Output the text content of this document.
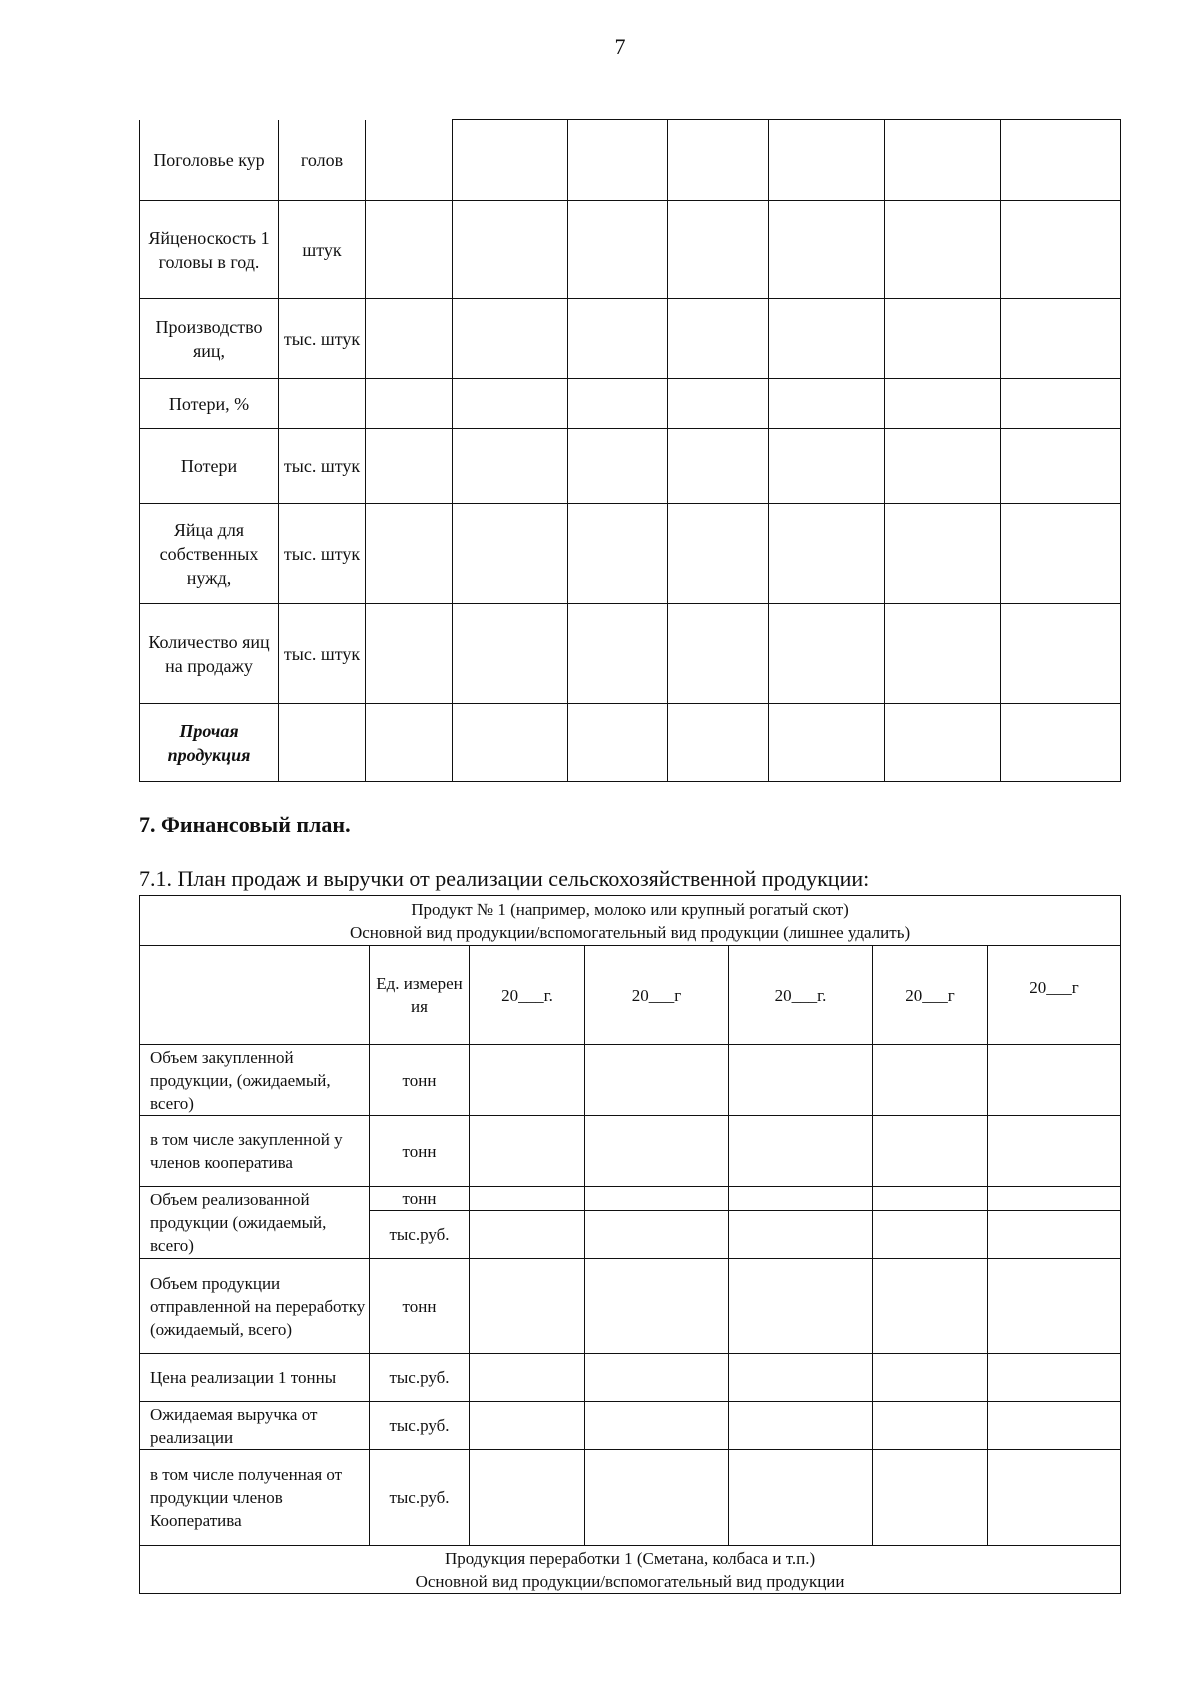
7
Поголовье кур	голов							
Яйценоскость 1 головы в год.	штук							
Производство яиц,	тыс. штук							
Потери, %								
Потери	тыс. штук							
Яйца для собственных нужд,	тыс. штук							
Количество яиц на продажу	тыс. штук							
Прочая продукция								
7. Финансовый план.
7.1. План продаж и выручки от реализации сельскохозяйственной продукции:
Продукт № 1 (например, молоко или крупный рогатый скот)
Основной вид продукции/вспомогательный вид продукции (лишнее удалить)						

	Ед. измерен ия	20___г.	20___г	20___г.	20___г	20___г
Объем закупленной продукции, (ожидаемый, всего)	тонн					
в том числе закупленной у членов кооператива	тонн					
Объем реализованной продукции (ожидаемый, всего)	тонн					
	тыс.руб.					
Объем продукции отправленной на переработку (ожидаемый, всего)	тонн					
Цена реализации 1 тонны	тыс.руб.					
Ожидаемая выручка от реализации	тыс.руб.					
в том числе полученная от продукции членов Кооператива	тыс.руб.					

Продукция переработки 1 (Сметана, колбаса и т.п.)
Основной вид продукции/вспомогательный вид продукции						
